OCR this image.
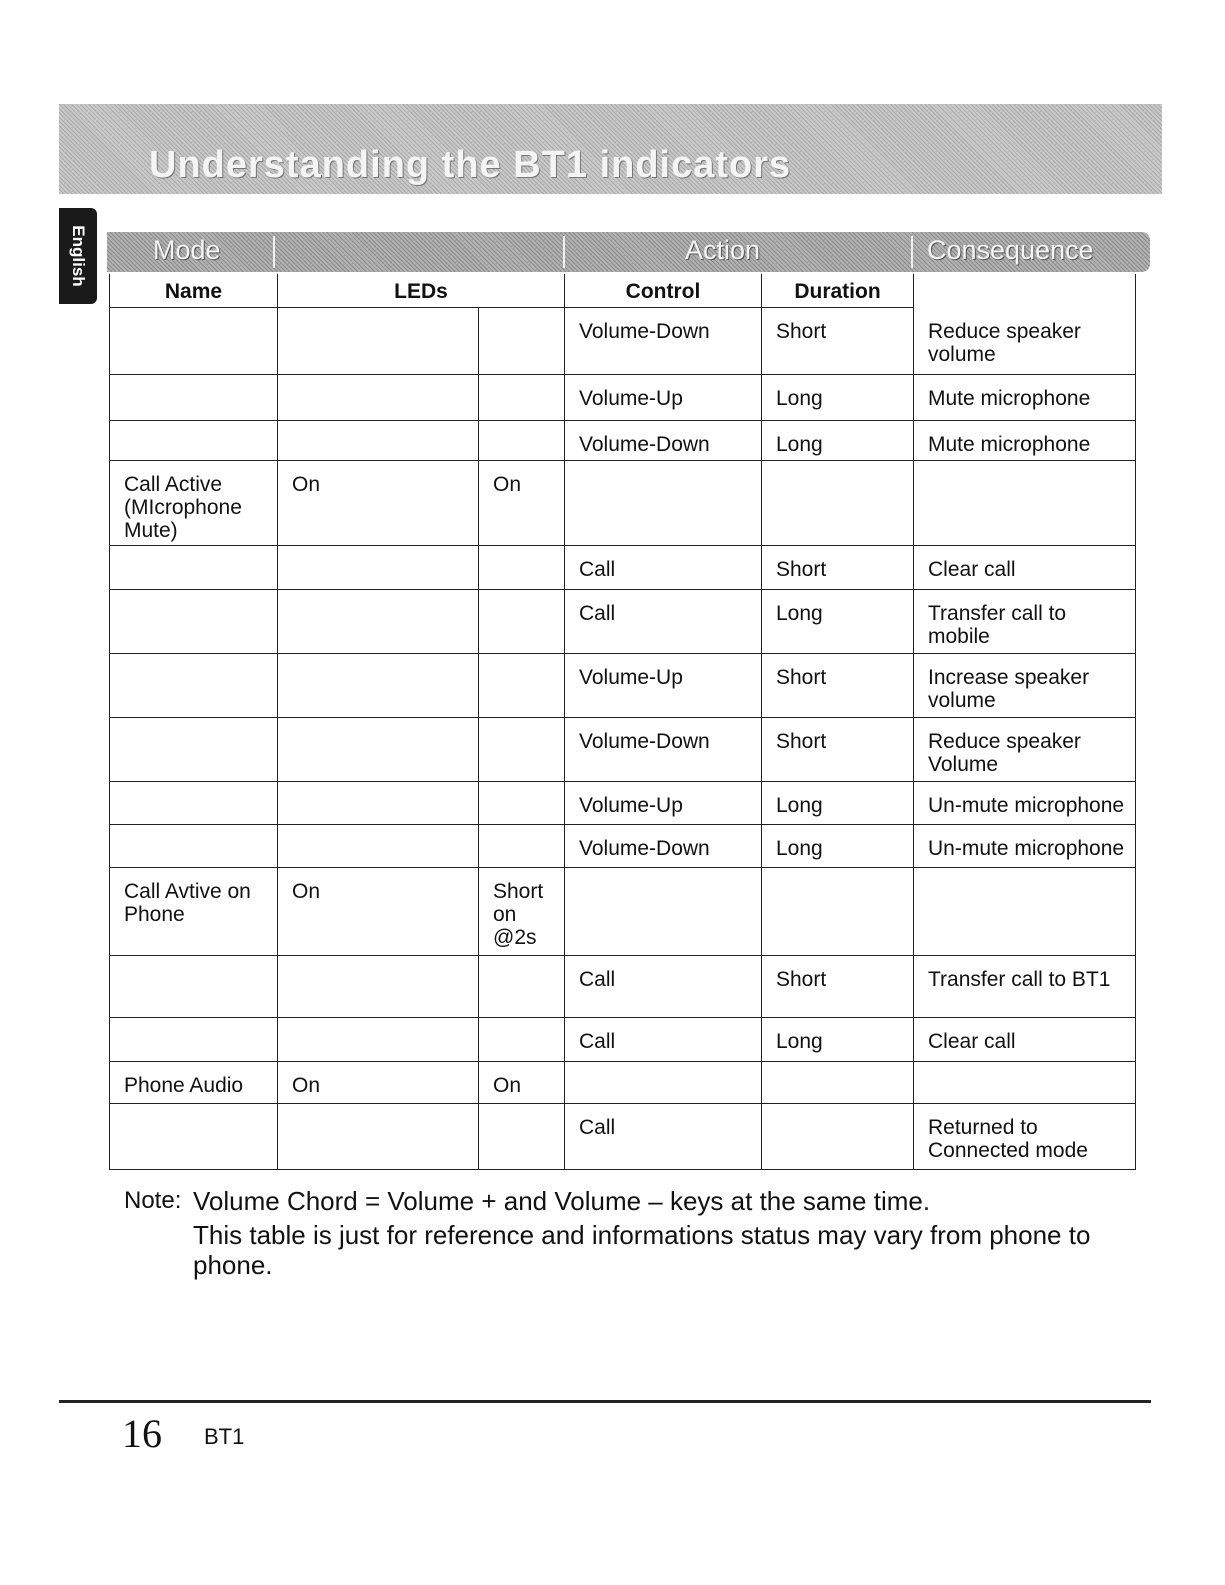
Understanding the BT1 indicators
English Mode	Action	Consequence
Name	LEDs		Control	Duration	
			Volume-Down	Short	Reduce speaker volume
			Volume-Up	Long	Mute microphone
			Volume-Down	Long	Mute microphone
Call Active (MIcrophone Mute)	On	On			
			Call	Short	Clear call
			Call	Long	Transfer call to mobile
			Volume-Up	Short	Increase speaker volume
			Volume-Down	Short	Reduce speaker Volume
			Volume-Up	Long	Un-mute microphone
			Volume-Down	Long	Un-mute microphone
Call Avtive on Phone	On	Short on @2s			
			Call	Short	Transfer call to BT1
			Call	Long	Clear call
Phone Audio	On	On			
			Call		Returned to Connected mode
Note: Volume Chord = Volume + and Volume – keys at the same time.
This table is just for reference and informations status may vary from phone to phone.
16 BT1
